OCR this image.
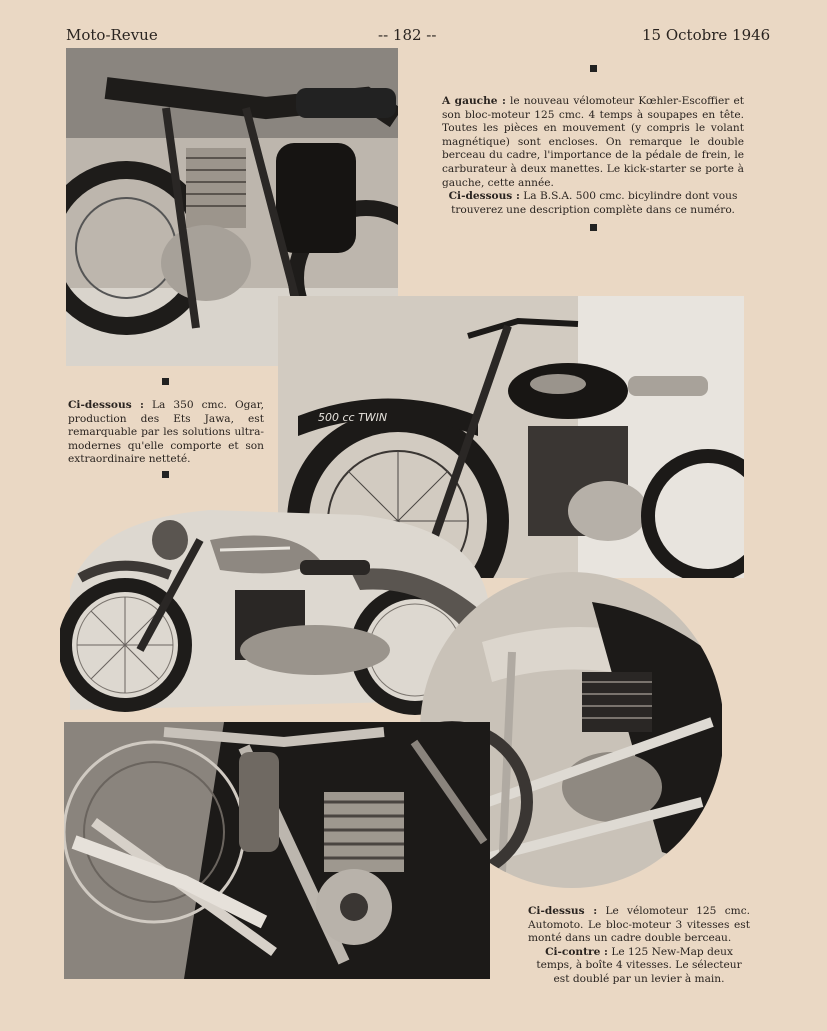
Moto-Revue	-- 182 --	15 Octobre 1946
A gauche : le nouveau vélomoteur Kœhler-Escoffier et son bloc-moteur 125 cmc. 4 temps à soupapes en tête. Toutes les pièces en mouvement (y compris le volant magnétique) sont encloses. On remarque le double berceau du cadre, l'importance de la pédale de frein, le carburateur à deux manettes. Le kick-starter se porte à gauche, cette année.
Ci-dessous : La B.S.A. 500 cmc. bicylindre dont vous trouverez une description complète dans ce numéro.
500 cc TWIN
Ci-dessous : La 350 cmc. Ogar, production des Ets Jawa, est remarquable par les solutions ultra-modernes qu'elle comporte et son extraordinaire netteté.
Ci-dessus : Le vélomoteur 125 cmc. Automoto. Le bloc-moteur 3 vitesses est monté dans un cadre double berceau.
Ci-contre : Le 125 New-Map deux temps, à boîte 4 vitesses. Le sélecteur est doublé par un levier à main.
